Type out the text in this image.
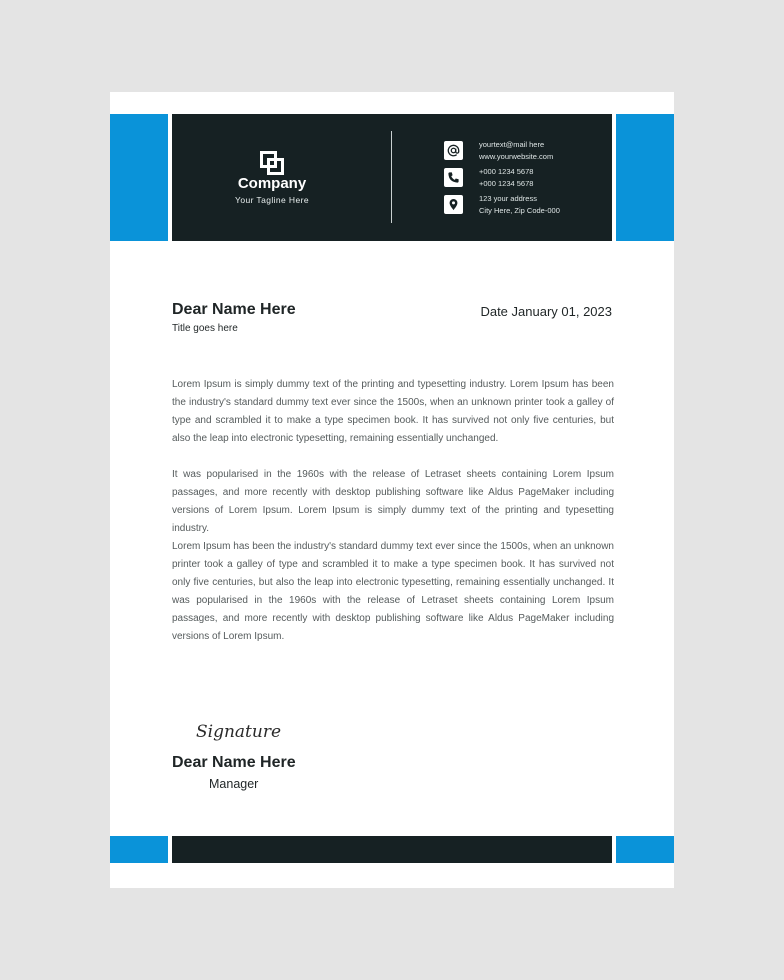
Company
Your Tagline Here
yourtext@mail here
www.yourwebsite.com
+000 1234 5678
+000 1234 5678
123 your address
City Here, Zip Code-000
Dear Name Here
Title goes here
Date January 01, 2023

Lorem Ipsum is simply dummy text of the printing and typesetting industry. Lorem Ipsum has been the industry's standard dummy text ever since the 1500s, when an unknown printer took a galley of type and scrambled it to make a type specimen book. It has survived not only five centuries, but also the leap into electronic typesetting, remaining essentially unchanged.

It was popularised in the 1960s with the release of Letraset sheets containing Lorem Ipsum passages, and more recently with desktop publishing software like Aldus PageMaker including versions of Lorem Ipsum. Lorem Ipsum is simply dummy text of the printing and typesetting industry.

Lorem Ipsum has been the industry's standard dummy text ever since the 1500s, when an unknown printer took a galley of type and scrambled it to make a type specimen book. It has survived not only five centuries, but also the leap into electronic typesetting, remaining essentially unchanged. It was popularised in the 1960s with the release of Letraset sheets containing Lorem Ipsum passages, and more recently with desktop publishing software like Aldus PageMaker including versions of Lorem Ipsum.

Signature
Dear Name Here
Manager
